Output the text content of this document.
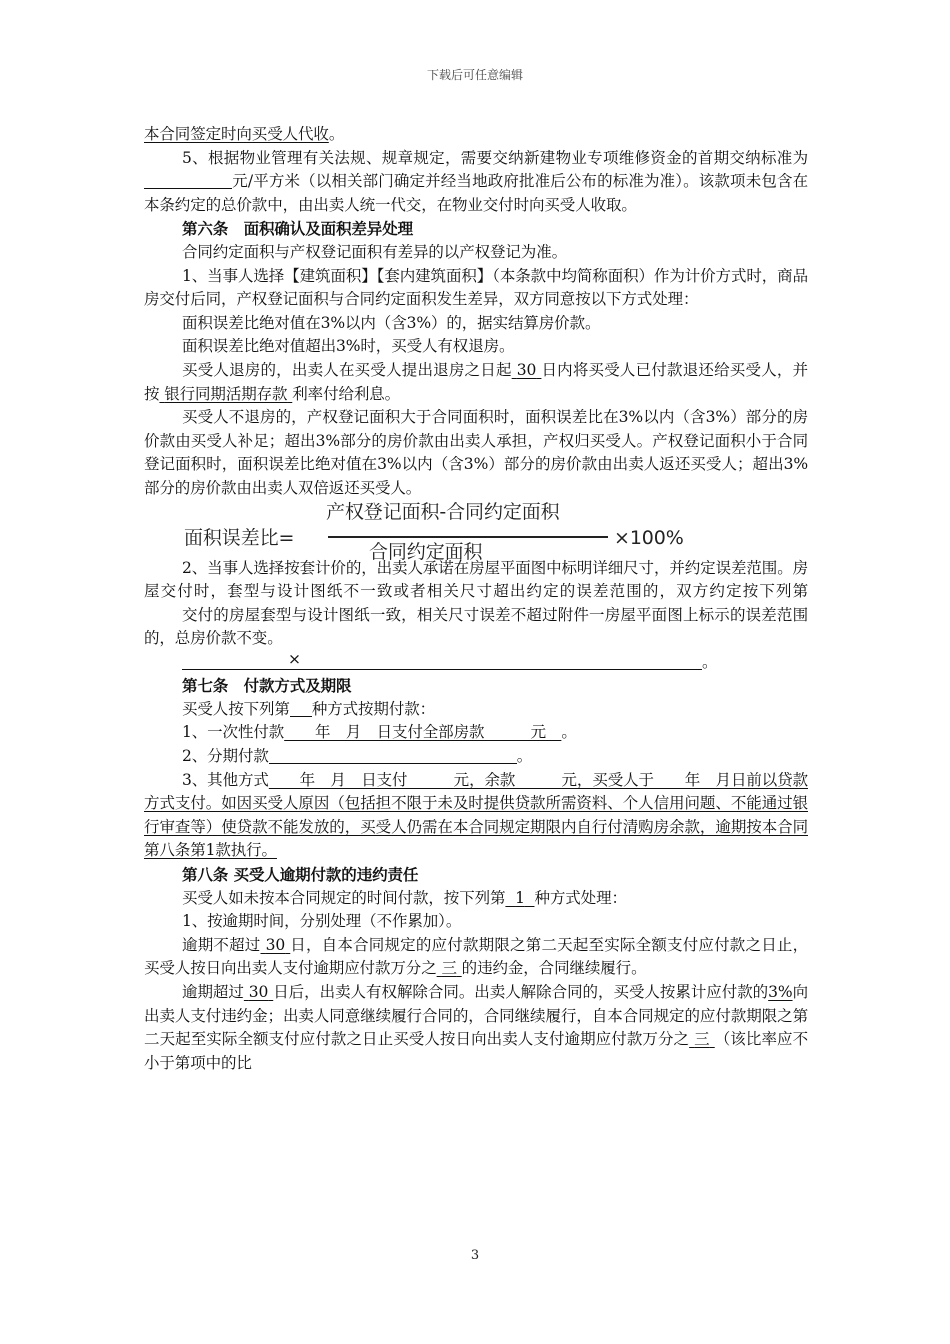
下载后可任意编辑

本合同签定时向买受人代收。

5、根据物业管理有关法规、规章规定，需要交纳新建物业专项维修资金的首期交纳标准为元/平方米（以相关部门确定并经当地政府批准后公布的标准为准）。该款项未包含在本条约定的总价款中，由出卖人统一代交，在物业交付时向买受人收取。

第六条　面积确认及面积差异处理

合同约定面积与产权登记面积有差异的以产权登记为准。

1、当事人选择【建筑面积】【套内建筑面积】（本条款中均简称面积）作为计价方式时，商品房交付后同，产权登记面积与合同约定面积发生差异，双方同意按以下方式处理：

面积误差比绝对值在3%以内（含3%）的，据实结算房价款。

面积误差比绝对值超出3%时，买受人有权退房。

买受人退房的，出卖人在买受人提出退房之日起 30 日内将买受人已付款退还给买受人，并按 银行同期活期存款 利率付给利息。

买受人不退房的，产权登记面积大于合同面积时，面积误差比在3%以内（含3%）部分的房价款由买受人补足；超出3%部分的房价款由出卖人承担，产权归买受人。产权登记面积小于合同登记面积时，面积误差比绝对值在3%以内（含3%）部分的房价款由出卖人返还买受人；超出3%部分的房价款由出卖人双倍返还买受人。

面积误差比=
产权登记面积-合同约定面积
合同约定面积
×100%

2、当事人选择按套计价的，出卖人承诺在房屋平面图中标明详细尺寸，并约定误差范围。房屋交付时，套型与设计图纸不一致或者相关尺寸超出约定的误差范围的，双方约定按下列第

交付的房屋套型与设计图纸一致，相关尺寸误差不超过附件一房屋平面图上标示的误差范围的，总房价款不变。

×	。

第七条　付款方式及期限

买受人按下列第 种方式按期付款：

1、一次性付款　　年　月　日支付全部房款　　　元　。

2、分期付款	。

3、其他方式　　年　月　日支付　　　元，余款　　　元，买受人于　　年　月日前以贷款方式支付。如因买受人原因（包括担不限于未及时提供贷款所需资料、个人信用问题、不能通过银行审查等）使贷款不能发放的，买受人仍需在本合同规定期限内自行付清购房余款，逾期按本合同第八条第1款执行。

第八条 买受人逾期付款的违约责任

买受人如未按本合同规定的时间付款，按下列第 1 种方式处理：

1、按逾期时间，分别处理（不作累加）。

逾期不超过 30 日，自本合同规定的应付款期限之第二天起至实际全额支付应付款之日止，买受人按日向出卖人支付逾期应付款万分之 三 的违约金，合同继续履行。

逾期超过 30 日后，出卖人有权解除合同。出卖人解除合同的，买受人按累计应付款的3%向出卖人支付违约金；出卖人同意继续履行合同的，合同继续履行，自本合同规定的应付款期限之第二天起至实际全额支付应付款之日止买受人按日向出卖人支付逾期应付款万分之 三 （该比率应不小于第项中的比

3
